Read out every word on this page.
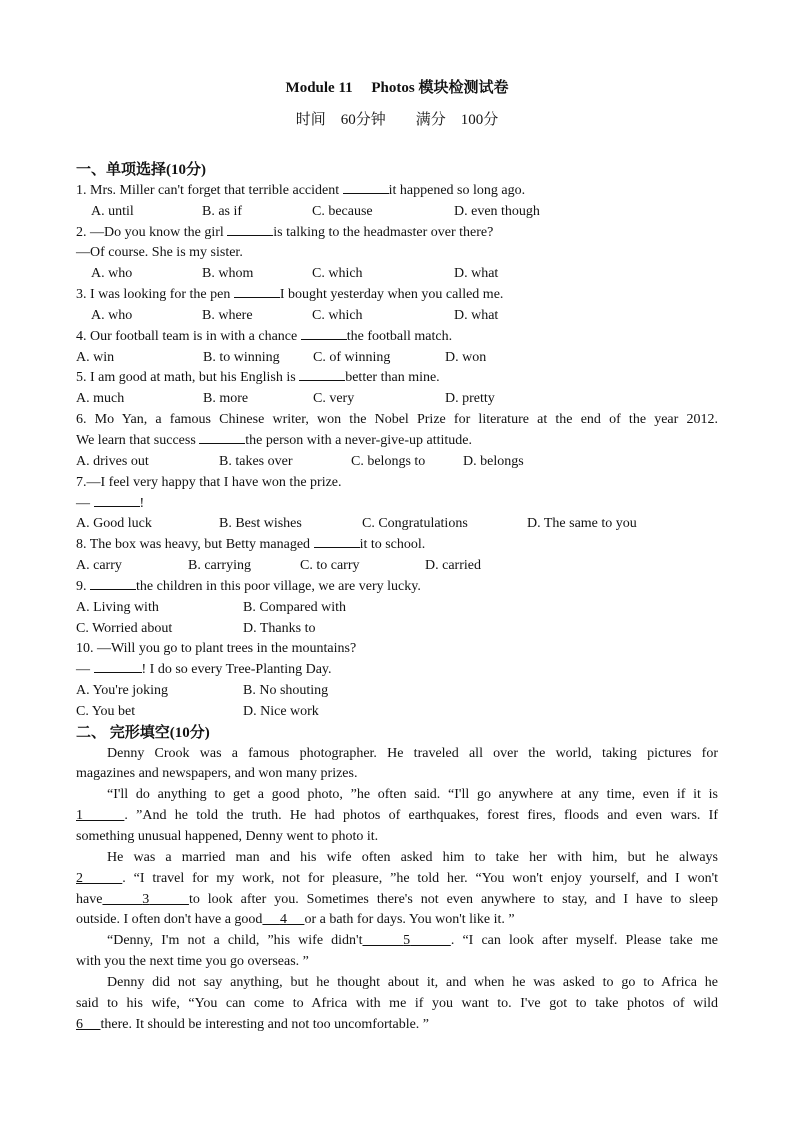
Module 11 　Photos 模块检测试卷
时间　60分钟　　满分　100分
一、单项选择(10分)
1. Mrs. Miller can't forget that terrible accident	it happened so long ago.
A. until	B. as if	C. because	D. even though
2. —Do you know the girl	is talking to the headmaster over there?
—Of course. She is my sister.
A. who	B. whom	C. which	D. what
3. I was looking for the pen	I bought yesterday when you called me.
A. who	B. where	C. which	D. what
4. Our football team is in with a chance	the football match.
A. win	B. to winning C. of winning	D. won
5. I am good at math, but his English is	better than mine.
A. much	B. more	C. very	D. pretty
6. Mo Yan, a famous Chinese writer, won the Nobel Prize for literature at the end of the year 2012.
We learn that success	the person with a never-give-up attitude.
A. drives out	B. takes over	C. belongs to	D. belongs
7.—I feel very happy that I have won the prize.
—	!
A. Good luck	B. Best wishes	C. Congratulations	D. The same to you
8. The box was heavy, but Betty managed	it to school.
A. carry	B. carrying	C. to carry	D. carried
9.	the children in this poor village, we are very lucky.
A. Living with	B. Compared with
C. Worried about	D. Thanks to
10. —Will you go to plant trees in the mountains?
—	! I do so every Tree-Planting Day.
A. You're joking	B. No shouting
C. You bet	D. Nice work
二、 完形填空(10分)
Denny Crook was a famous photographer. He traveled all over the world, taking pictures for
magazines and newspapers, and won many prizes.
“I'll do anything to get a good photo, ”he often said. “I'll go anywhere at any time, even if it is
1	. ”And he told the truth. He had photos of earthquakes, forest fires, floods and even wars. If
something unusual happened, Denny went to photo it.
He was a married man and his wife often asked him to take her with him, but he always
2	. “I travel for my work, not for pleasure, ”he told her. “You won't enjoy yourself, and I won't
have	3	to look after you. Sometimes there's not even anywhere to stay, and I have to sleep
outside. I often don't have a good 4 or a bath for days. You won't like it. ”
“Denny, I'm not a child, ”his wife didn't	5	. “I can look after myself. Please take me
with you the next time you go overseas. ”
Denny did not say anything, but he thought about it, and when he was asked to go to Africa he
said to his wife, “You can come to Africa with me if you want to. I've got to take photos of wild
6 there. It should be interesting and not too uncomfortable. ”
